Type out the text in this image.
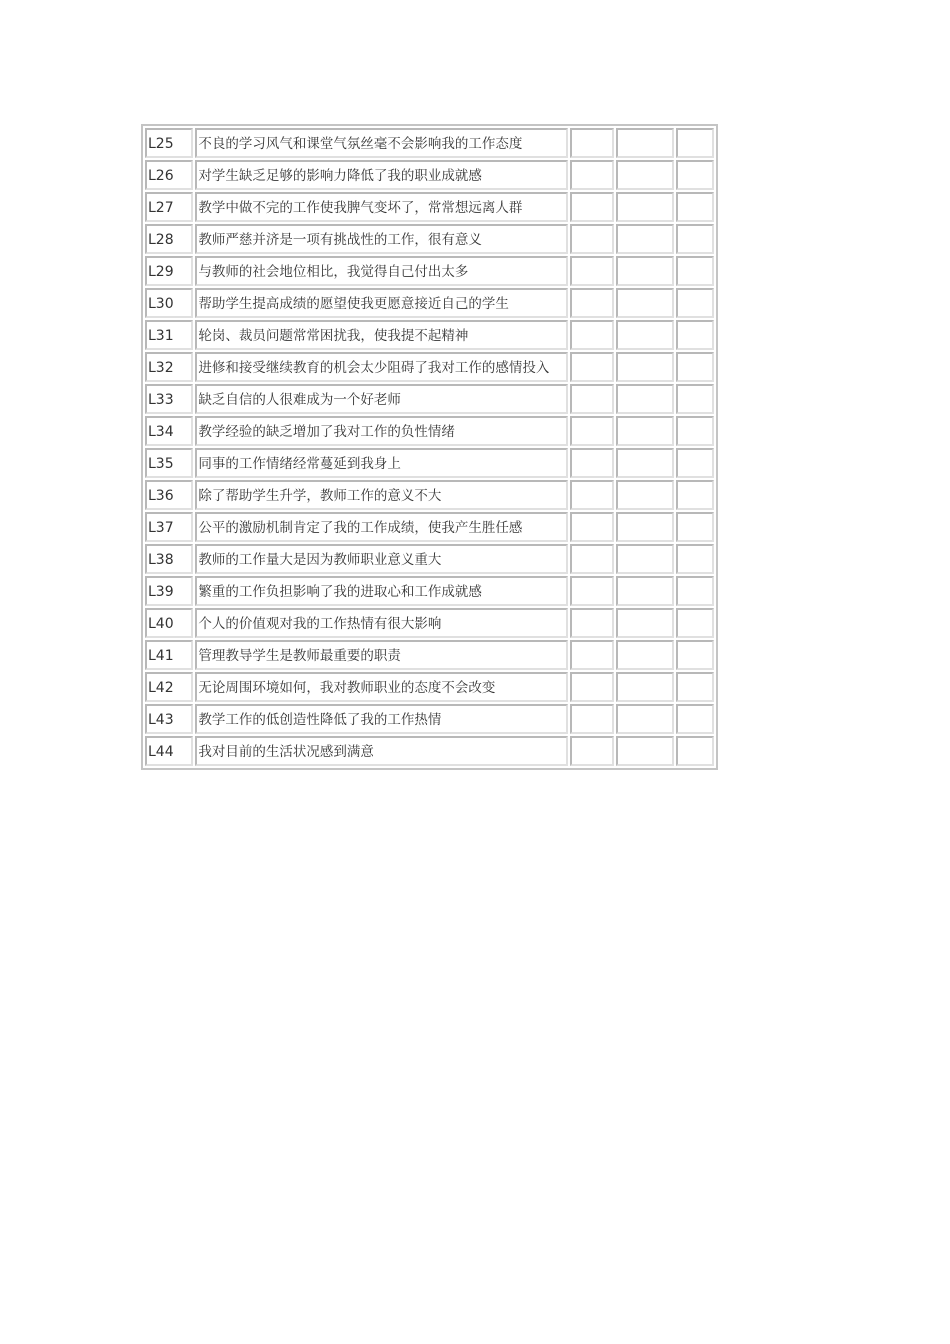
L25	不良的学习风气和课堂气氛丝毫不会影响我的工作态度			
L26	对学生缺乏足够的影响力降低了我的职业成就感			
L27	教学中做不完的工作使我脾气变坏了，常常想远离人群			
L28	教师严慈并济是一项有挑战性的工作，很有意义			
L29	与教师的社会地位相比，我觉得自己付出太多			
L30	帮助学生提高成绩的愿望使我更愿意接近自己的学生			
L31	轮岗、裁员问题常常困扰我，使我提不起精神			
L32	进修和接受继续教育的机会太少阻碍了我对工作的感情投入			
L33	缺乏自信的人很难成为一个好老师			
L34	教学经验的缺乏增加了我对工作的负性情绪			
L35	同事的工作情绪经常蔓延到我身上			
L36	除了帮助学生升学，教师工作的意义不大			
L37	公平的激励机制肯定了我的工作成绩，使我产生胜任感			
L38	教师的工作量大是因为教师职业意义重大			
L39	繁重的工作负担影响了我的进取心和工作成就感			
L40	个人的价值观对我的工作热情有很大影响			
L41	管理教导学生是教师最重要的职责			
L42	无论周围环境如何，我对教师职业的态度不会改变			
L43	教学工作的低创造性降低了我的工作热情			
L44	我对目前的生活状况感到满意			
